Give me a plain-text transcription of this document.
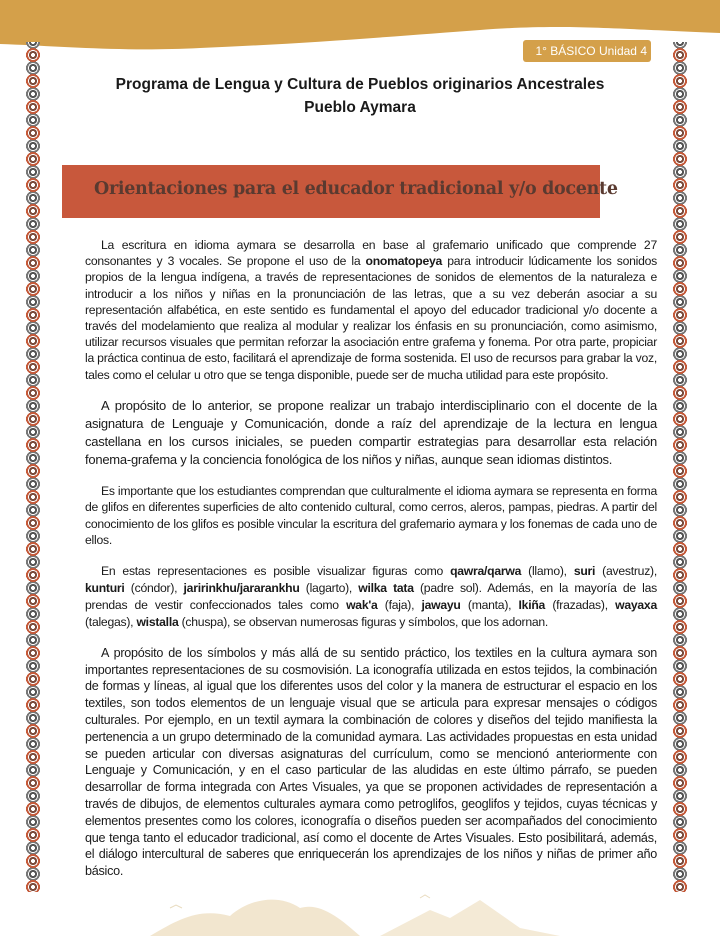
1° BÁSICO Unidad 4
Programa de Lengua y Cultura de Pueblos originarios Ancestrales
Pueblo Aymara
Orientaciones para el educador tradicional y/o docente

La escritura en idioma aymara se desarrolla en base al grafemario unificado que comprende 27 consonantes y 3 vocales. Se propone el uso de la onomatopeya para introducir lúdicamente los sonidos propios de la lengua indígena, a través de representaciones de sonidos de elementos de la naturaleza e introducir a los niños y niñas en la pronunciación de las letras, que a su vez deberán asociar a su representación alfabética, en este sentido es fundamental el apoyo del educador tradicional y/o docente a través del modelamiento que realiza al modular y realizar los énfasis en su pronunciación, como asimismo, utilizar recursos visuales que permitan reforzar la asociación entre grafema y fonema. Por otra parte, propiciar la práctica continua de esto, facilitará el aprendizaje de forma sostenida. El uso de recursos para grabar la voz, tales como el celular u otro que se tenga disponible, puede ser de mucha utilidad para este propósito.

A propósito de lo anterior, se propone realizar un trabajo interdisciplinario con el docente de la asignatura de Lenguaje y Comunicación, donde a raíz del aprendizaje de la lectura en lengua castellana en los cursos iniciales, se pueden compartir estrategias para desarrollar esta relación fonema-grafema y la conciencia fonológica de los niños y niñas, aunque sean idiomas distintos.

Es importante que los estudiantes comprendan que culturalmente el idioma aymara se representa en forma de glifos en diferentes superficies de alto contenido cultural, como cerros, aleros, pampas, piedras. A partir del conocimiento de los glifos es posible vincular la escritura del grafemario aymara y los fonemas de cada uno de ellos.

En estas representaciones es posible visualizar figuras como qawra/qarwa (llamo), suri (avestruz), kunturi (cóndor), jaririnkhu/jararankhu (lagarto), wilka tata (padre sol). Además, en la mayoría de las prendas de vestir confeccionados tales como wak'a (faja), jawayu (manta), Ikiña (frazadas), wayaxa (talegas), wistalla (chuspa), se observan numerosas figuras y símbolos, que los adornan.

A propósito de los símbolos y más allá de su sentido práctico, los textiles en la cultura aymara son importantes representaciones de su cosmovisión. La iconografía utilizada en estos tejidos, la combinación de formas y líneas, al igual que los diferentes usos del color y la manera de estructurar el espacio en los textiles, son todos elementos de un lenguaje visual que se articula para expresar mensajes o códigos culturales. Por ejemplo, en un textil aymara la combinación de colores y diseños del tejido manifiesta la pertenencia a un grupo determinado de la comunidad aymara. Las actividades propuestas en esta unidad se pueden articular con diversas asignaturas del currículum, como se mencionó anteriormente con Lenguaje y Comunicación, y en el caso particular de las aludidas en este último párrafo, se pueden desarrollar de forma integrada con Artes Visuales, ya que se proponen actividades de representación a través de dibujos, de elementos culturales aymara como petroglifos, geoglifos y tejidos, cuyas técnicas y elementos presentes como los colores, iconografía o diseños pueden ser acompañados del conocimiento que tenga tanto el educador tradicional, así como el docente de Artes Visuales. Esto posibilitará, además, el diálogo intercultural de saberes que enriquecerán los aprendizajes de los niños y niñas de primer año básico.
